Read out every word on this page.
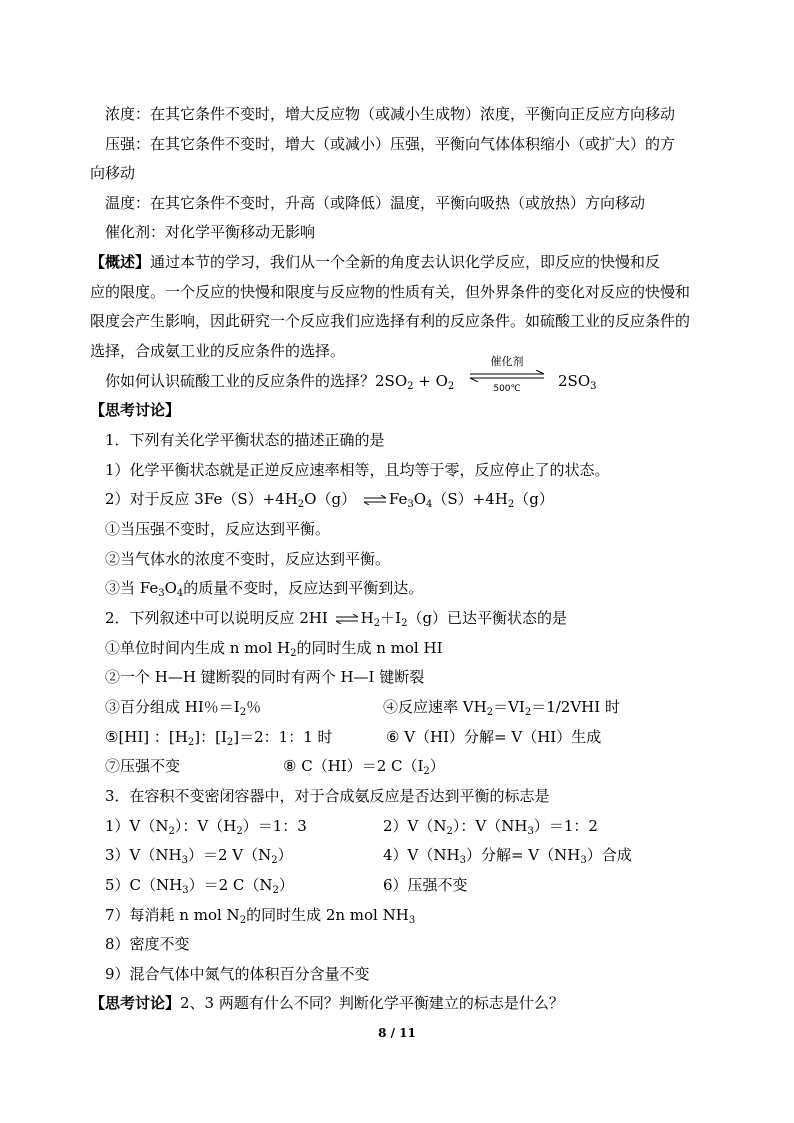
浓度：在其它条件不变时，增大反应物（或减小生成物）浓度，平衡向正反应方向移动
压强：在其它条件不变时，增大（或减小）压强，平衡向气体体积缩小（或扩大）的方
向移动
温度：在其它条件不变时，升高（或降低）温度，平衡向吸热（或放热）方向移动
催化剂：对化学平衡移动无影响
【概述】通过本节的学习，我们从一个全新的角度去认识化学反应，即反应的快慢和反
应的限度。一个反应的快慢和限度与反应物的性质有关，但外界条件的变化对反应的快慢和
限度会产生影响，因此研究一个反应我们应选择有利的反应条件。如硫酸工业的反应条件的
选择，合成氨工业的反应条件的选择。
你如何认识硫酸工业的反应条件的选择？$2SO_2 + O_2$
催化剂
500℃	$2SO_3$
【思考讨论】
1．下列有关化学平衡状态的描述正确的是
1）化学平衡状态就是正逆反应速率相等，且均等于零，反应停止了的状态。
2）对于反应 $3Fe(S)+4H_2O(g)$ ⇌ $Fe_3O_4(S)+4H_2(g)$
①当压强不变时，反应达到平衡。
②当气体水的浓度不变时，反应达到平衡。
③当 $Fe_3O_4$的质量不变时，反应达到平衡到达。
2．下列叙述中可以说明反应 2HI ⇌ $H_2+I_2(g)$已达平衡状态的是
①单位时间内生成 n mol $H_2$的同时生成 n mol HI
②一个 H—H 键断裂的同时有两个 H—I 键断裂
③百分组成 HI％$=I_2$％	④反应速率 $VH_2=VI_2=1/2VHI$ 时
⑤[HI] ：$[H_2]$：$[I_2]=2$：1：1 时	⑥ V（HI）分解= V（HI）生成
⑦压强不变	⑧ C（HI）＝2 $C(I_2)$
3．在容积不变密闭容器中，对于合成氨反应是否达到平衡的标志是
$1)V(N_2)$：$V(H_2)=1$：3	$2)V(N_2)$：$V(NH_3)=1$：2
$3)V(NH_3)=2$ $V(N_2)$	$4)V(NH_3)$分解= $V(NH_3)$合成
$5)C(NH_3)=2$ $C(N_2)$	6）压强不变
7）每消耗 n mol $N_2$的同时生成 2n mol $NH_3$
8）密度不变
9）混合气体中氮气的体积百分含量不变
【思考讨论】2、3 两题有什么不同？判断化学平衡建立的标志是什么？
8 / 11
